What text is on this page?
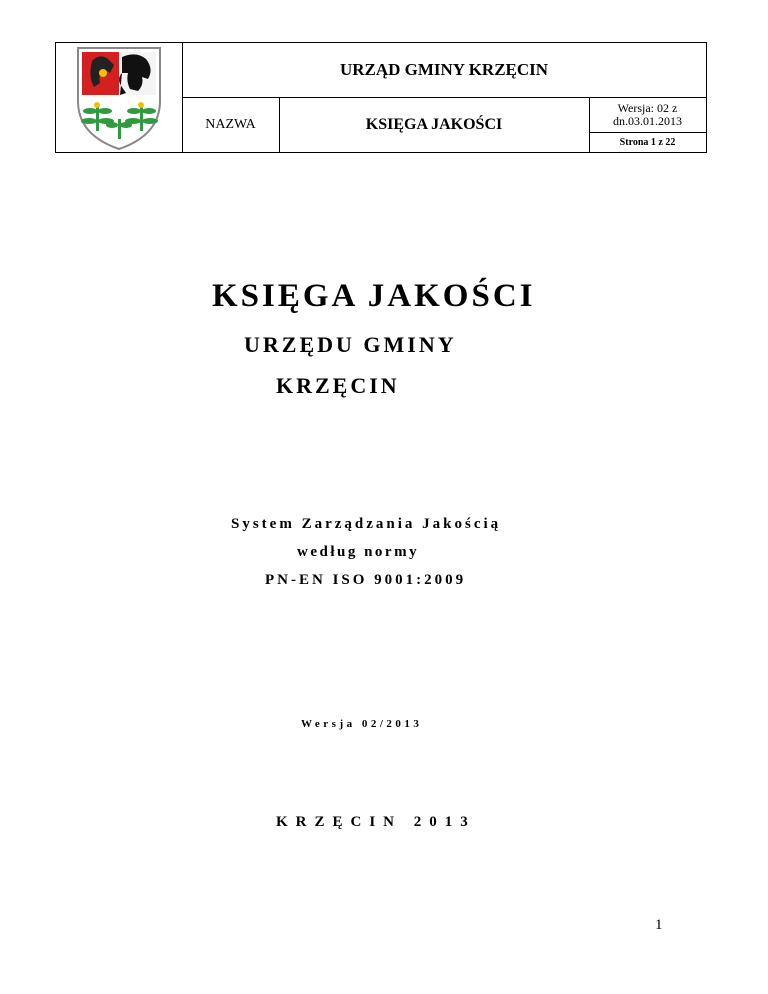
URZĄD GMINY KRZĘCIN
NAZWA	KSIĘGA JAKOŚCI
Wersja: 02 z
dn.03.01.2013
Strona 1 z 22
KSIĘGA JAKOŚCI
URZĘDU GMINY
KRZĘCIN
System Zarządzania Jakością
według normy
PN-EN ISO 9001:2009
Wersja 02/2013
KRZĘCIN 2013
1
